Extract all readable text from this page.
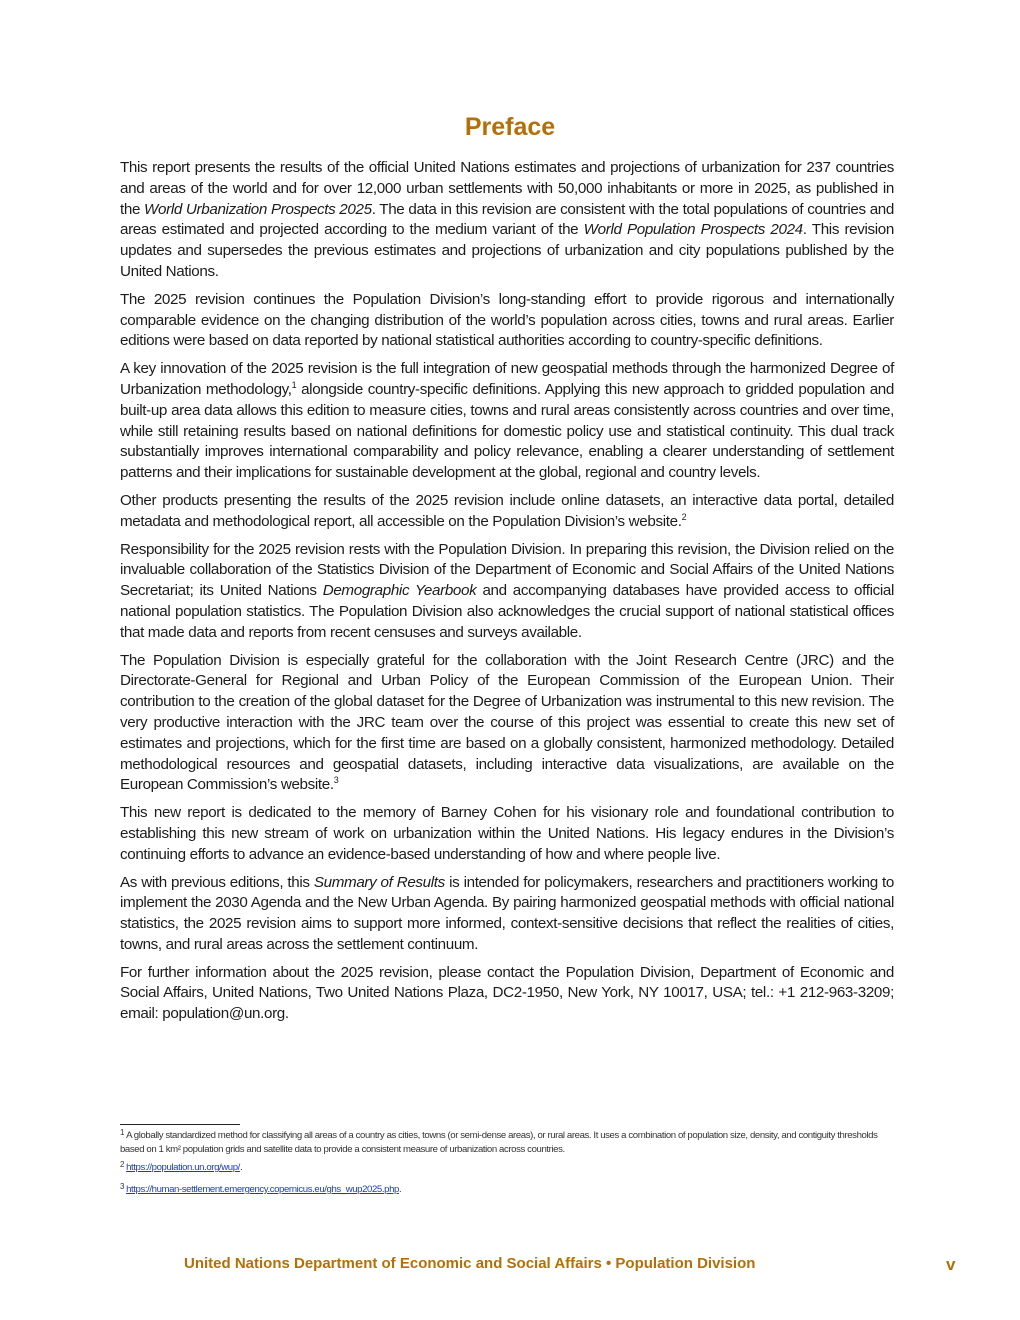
Preface

This report presents the results of the official United Nations estimates and projections of urbanization for 237 countries and areas of the world and for over 12,000 urban settlements with 50,000 inhabitants or more in 2025, as published in the World Urbanization Prospects 2025. The data in this revision are consistent with the total populations of countries and areas estimated and projected according to the medium variant of the World Population Prospects 2024. This revision updates and supersedes the previous estimates and projections of urbanization and city populations published by the United Nations.

The 2025 revision continues the Population Division’s long-standing effort to provide rigorous and internationally comparable evidence on the changing distribution of the world’s population across cities, towns and rural areas. Earlier editions were based on data reported by national statistical authorities according to country-specific definitions.

A key innovation of the 2025 revision is the full integration of new geospatial methods through the harmonized Degree of Urbanization methodology,$^1$ alongside country-specific definitions. Applying this new approach to gridded population and built-up area data allows this edition to measure cities, towns and rural areas consistently across countries and over time, while still retaining results based on national definitions for domestic policy use and statistical continuity. This dual track substantially improves international comparability and policy relevance, enabling a clearer understanding of settlement patterns and their implications for sustainable development at the global, regional and country levels.

Other products presenting the results of the 2025 revision include online datasets, an interactive data portal, detailed metadata and methodological report, all accessible on the Population Division’s website.$^2$

Responsibility for the 2025 revision rests with the Population Division. In preparing this revision, the Division relied on the invaluable collaboration of the Statistics Division of the Department of Economic and Social Affairs of the United Nations Secretariat; its United Nations Demographic Yearbook and accompanying databases have provided access to official national population statistics. The Population Division also acknowledges the crucial support of national statistical offices that made data and reports from recent censuses and surveys available.

The Population Division is especially grateful for the collaboration with the Joint Research Centre (JRC) and the Directorate-General for Regional and Urban Policy of the European Commission of the European Union. Their contribution to the creation of the global dataset for the Degree of Urbanization was instrumental to this new revision. The very productive interaction with the JRC team over the course of this project was essential to create this new set of estimates and projections, which for the first time are based on a globally consistent, harmonized methodology. Detailed methodological resources and geospatial datasets, including interactive data visualizations, are available on the European Commission’s website.$^3$

This new report is dedicated to the memory of Barney Cohen for his visionary role and foundational contribution to establishing this new stream of work on urbanization within the United Nations. His legacy endures in the Division’s continuing efforts to advance an evidence-based understanding of how and where people live.

As with previous editions, this Summary of Results is intended for policymakers, researchers and practitioners working to implement the 2030 Agenda and the New Urban Agenda. By pairing harmonized geospatial methods with official national statistics, the 2025 revision aims to support more informed, context-sensitive decisions that reflect the realities of cities, towns, and rural areas across the settlement continuum.

For further information about the 2025 revision, please contact the Population Division, Department of Economic and Social Affairs, United Nations, Two United Nations Plaza, DC2-1950, New York, NY 10017, USA; tel.: +1 212-963-3209; email: population@un.org.

$^1$ A globally standardized method for classifying all areas of a country as cities, towns (or semi-dense areas), or rural areas. It uses a combination of population size, density, and contiguity thresholds based on 1 km² population grids and satellite data to provide a consistent measure of urbanization across countries.
$^2$ https://population.un.org/wup/.
$^3$ https://human-settlement.emergency.copernicus.eu/ghs_wup2025.php.
United Nations Department of Economic and Social Affairs • Population Division	v
